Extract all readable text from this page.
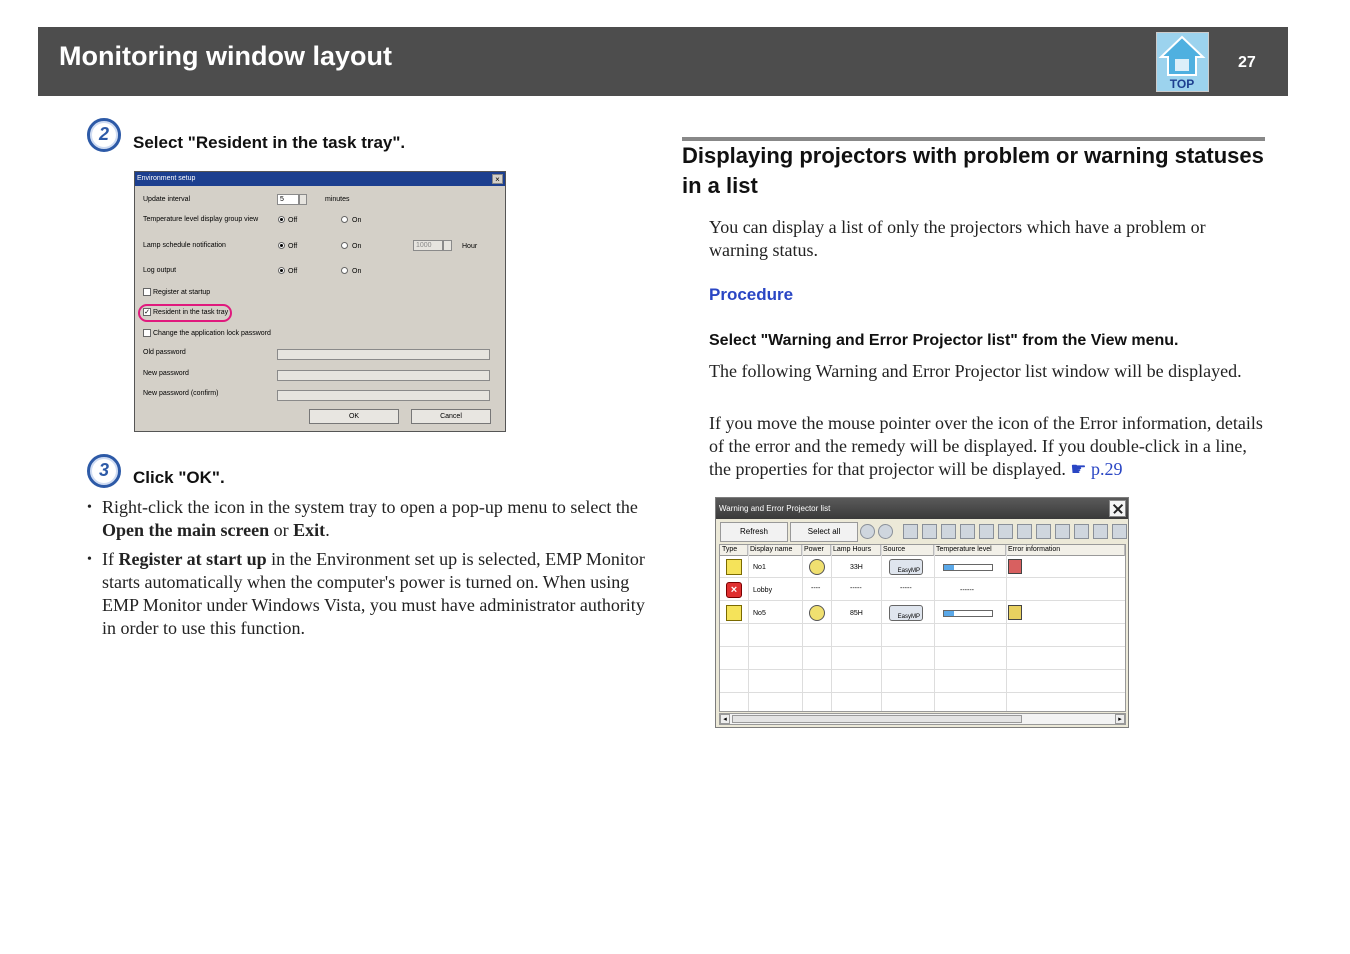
Monitoring window layout
TOP
27
2	Select "Resident in the task tray".
Environment setup	×
Update interval	5	minutes
Temperature level display group view	Off	On
Lamp schedule notification	Off	On	1000	Hour
Log output	Off	On
Register at startup
✓ Resident in the task tray
Change the application lock password
Old password
New password
New password (confirm)
OK	Cancel
3	Click "OK".
• Right-click the icon in the system tray to open a pop-up menu to select the Open the main screen or Exit.
• If Register at start up in the Environment set up is selected, EMP Monitor starts automatically when the computer's power is turned on. When using EMP Monitor under Windows Vista, you must have administrator authority in order to use this function.
Displaying projectors with problem or warning statuses in a list
You can display a list of only the projectors which have a problem or warning status.
Procedure
Select "Warning and Error Projector list" from the View menu.
The following Warning and Error Projector list window will be displayed.
If you move the mouse pointer over the icon of the Error information, details of the error and the remedy will be displayed. If you double-click in a line, the properties for that projector will be displayed. ☛ p.29
Warning and Error Projector list
Refresh	Select all
Type	Display name	Power	Lamp Hours	Source	Temperature level	Error information
No1	33H	EasyMP
×	Lobby	----	-----	-----	------
No5	85H	EasyMP
◂	▸
